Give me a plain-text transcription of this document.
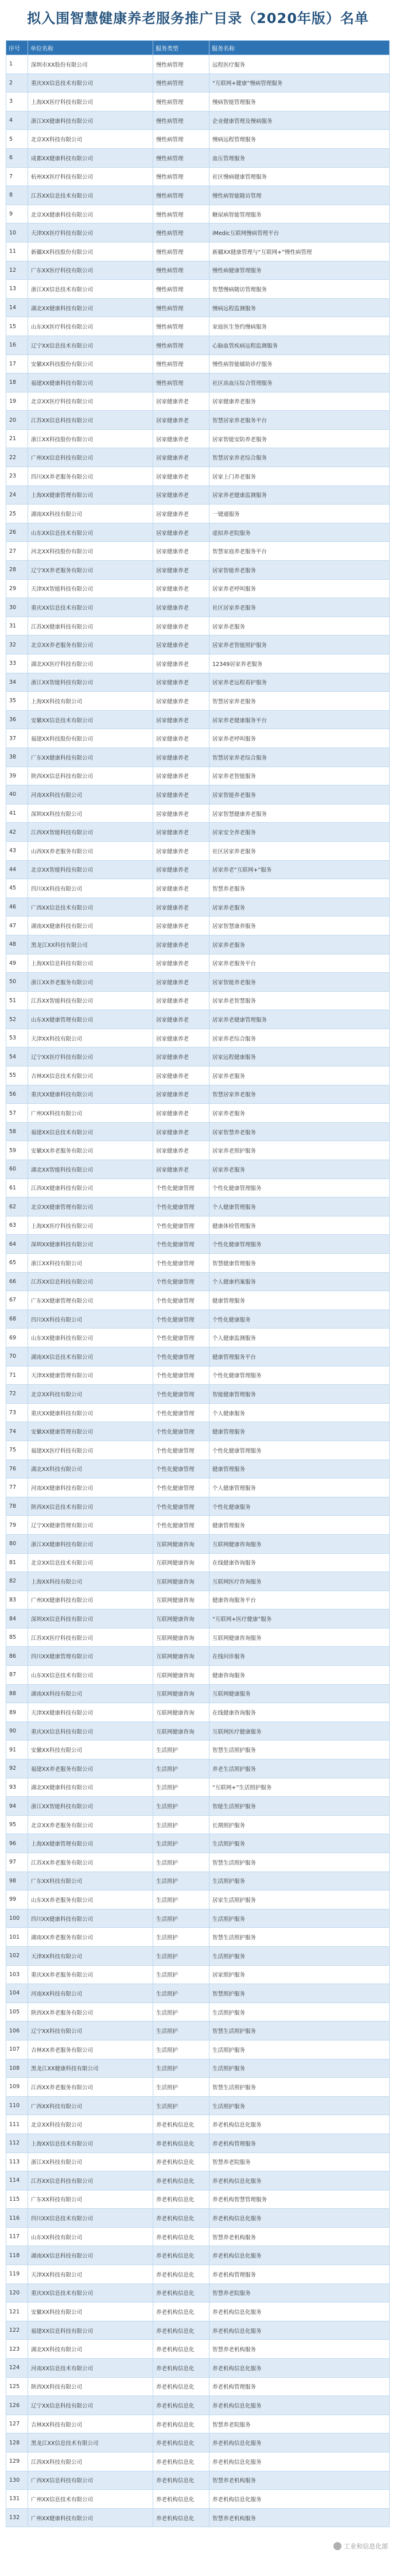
拟入围智慧健康养老服务推广目录（2020年版）名单
序号	单位名称	服务类型	服务名称
1	深圳市XX股份有限公司	慢性病管理	远程医疗服务
2	重庆XX信息技术有限公司	慢性病管理	“互联网+健康”慢病管理服务
3	上海XX医疗科技有限公司	慢性病管理	慢病智能管理服务
4	浙江XX健康科技有限公司	慢性病管理	企业健康管理及慢病服务
5	北京XX科技有限公司	慢性病管理	慢病远程管理服务
6	成都XX健康科技有限公司	慢性病管理	血压管理服务
7	杭州XX医疗科技有限公司	慢性病管理	社区慢病健康管理服务
8	江苏XX信息技术有限公司	慢性病管理	慢性病智能随访管理
9	北京XX健康科技有限公司	慢性病管理	糖尿病智能管理服务
10	天津XX医疗科技有限公司	慢性病管理	iMedic互联网慢病管理平台
11	新疆XX科技股份有限公司	慢性病管理	新疆XX健康管理与“互联网+”慢性病管理
12	广东XX医疗科技有限公司	慢性病管理	慢性病健康管理服务
13	浙江XX信息技术有限公司	慢性病管理	智慧慢病随访管理服务
14	湖北XX健康科技有限公司	慢性病管理	慢病远程监测服务
15	山东XX医疗科技有限公司	慢性病管理	家庭医生签约慢病服务
16	辽宁XX信息技术有限公司	慢性病管理	心脑血管疾病远程监测服务
17	安徽XX科技股份有限公司	慢性病管理	慢性病智能辅助诊疗服务
18	福建XX健康科技有限公司	慢性病管理	社区高血压综合管理服务
19	北京XX医疗科技有限公司	居家健康养老	居家健康养老服务
20	江苏XX信息科技有限公司	居家健康养老	智慧居家养老服务平台
21	浙江XX科技股份有限公司	居家健康养老	居家智能安防养老服务
22	广州XX信息科技有限公司	居家健康养老	智慧居家养老综合服务
23	四川XX养老服务有限公司	居家健康养老	居家上门养老服务
24	上海XX健康管理有限公司	居家健康养老	居家养老健康监测服务
25	湖南XX科技有限公司	居家健康养老	一键通服务
26	山东XX信息技术有限公司	居家健康养老	虚拟养老院服务
27	河北XX科技股份有限公司	居家健康养老	智慧家庭养老服务平台
28	辽宁XX养老服务有限公司	居家健康养老	居家智能养老服务
29	天津XX智能科技有限公司	居家健康养老	居家养老呼叫服务
30	重庆XX信息技术有限公司	居家健康养老	社区居家养老服务
31	江苏XX健康科技有限公司	居家健康养老	居家养老服务
32	北京XX养老服务有限公司	居家健康养老	居家养老智能照护服务
33	湖北XX医疗科技有限公司	居家健康养老	12349居家养老服务
34	浙江XX智能科技有限公司	居家健康养老	居家养老远程看护服务
35	上海XX科技有限公司	居家健康养老	智慧居家养老服务
36	安徽XX信息技术有限公司	居家健康养老	居家养老健康服务平台
37	福建XX科技股份有限公司	居家健康养老	居家养老呼叫服务
38	广东XX健康科技有限公司	居家健康养老	智慧居家养老综合服务
39	陕西XX信息科技有限公司	居家健康养老	居家养老智能服务
40	河南XX科技有限公司	居家健康养老	居家智能养老服务
41	深圳XX科技有限公司	居家健康养老	居家智慧健康养老服务
42	江西XX智能科技有限公司	居家健康养老	居家安全养老服务
43	山西XX养老服务有限公司	居家健康养老	社区居家养老服务
44	北京XX智能科技有限公司	居家健康养老	居家养老“互联网+”服务
45	四川XX科技有限公司	居家健康养老	智慧养老服务
46	广西XX信息技术有限公司	居家健康养老	居家养老服务
47	湖南XX健康科技有限公司	居家健康养老	居家智慧康养服务
48	黑龙江XX科技有限公司	居家健康养老	居家养老服务
49	上海XX信息科技有限公司	居家健康养老	居家养老服务平台
50	浙江XX养老服务有限公司	居家健康养老	居家智能养老服务
51	江苏XX智能科技有限公司	居家健康养老	居家养老智慧服务
52	山东XX健康管理有限公司	居家健康养老	居家养老健康管理服务
53	天津XX科技有限公司	居家健康养老	居家养老综合服务
54	辽宁XX医疗科技有限公司	居家健康养老	居家远程健康服务
55	吉林XX信息技术有限公司	居家健康养老	居家养老服务
56	重庆XX健康科技有限公司	居家健康养老	智慧居家养老服务
57	广州XX科技有限公司	居家健康养老	居家养老服务
58	福建XX信息技术有限公司	居家健康养老	居家智慧养老服务
59	安徽XX养老服务有限公司	居家健康养老	居家养老照护服务
60	湖北XX智能科技有限公司	居家健康养老	居家养老服务
61	江西XX健康科技有限公司	个性化健康管理	个性化健康管理服务
62	北京XX健康管理有限公司	个性化健康管理	个人健康管理服务
63	上海XX医疗科技有限公司	个性化健康管理	健康体检管理服务
64	深圳XX健康科技有限公司	个性化健康管理	个性化健康管理服务
65	浙江XX科技有限公司	个性化健康管理	智慧健康管理服务
66	江苏XX信息科技有限公司	个性化健康管理	个人健康档案服务
67	广东XX健康管理有限公司	个性化健康管理	健康管理服务
68	四川XX科技有限公司	个性化健康管理	个性化健康服务
69	山东XX健康科技有限公司	个性化健康管理	个人健康监测服务
70	湖南XX信息技术有限公司	个性化健康管理	健康管理服务平台
71	天津XX健康管理有限公司	个性化健康管理	个性化健康管理服务
72	北京XX科技有限公司	个性化健康管理	智能健康管理服务
73	重庆XX健康科技有限公司	个性化健康管理	个人健康服务
74	安徽XX健康管理有限公司	个性化健康管理	健康管理服务
75	福建XX医疗科技有限公司	个性化健康管理	个性化健康管理服务
76	湖北XX科技有限公司	个性化健康管理	健康管理服务
77	河南XX健康科技有限公司	个性化健康管理	个人健康管理服务
78	陕西XX信息技术有限公司	个性化健康管理	个性化健康服务
79	辽宁XX健康管理有限公司	个性化健康管理	健康管理服务
80	浙江XX健康科技有限公司	互联网健康咨询	互联网健康咨询服务
81	北京XX信息技术有限公司	互联网健康咨询	在线健康咨询服务
82	上海XX科技有限公司	互联网健康咨询	互联网医疗咨询服务
83	广州XX健康科技有限公司	互联网健康咨询	健康咨询服务平台
84	深圳XX信息科技有限公司	互联网健康咨询	“互联网+医疗健康”服务
85	江苏XX医疗科技有限公司	互联网健康咨询	互联网健康咨询服务
86	四川XX健康管理有限公司	互联网健康咨询	在线问诊服务
87	山东XX信息技术有限公司	互联网健康咨询	健康咨询服务
88	湖南XX科技有限公司	互联网健康咨询	互联网健康服务
89	天津XX健康科技有限公司	互联网健康咨询	在线健康咨询服务
90	重庆XX信息科技有限公司	互联网健康咨询	互联网医疗健康服务
91	安徽XX科技有限公司	生活照护	智慧生活照护服务
92	福建XX养老服务有限公司	生活照护	养老生活照护服务
93	湖北XX健康科技有限公司	生活照护	“互联网+”生活照护服务
94	浙江XX智能科技有限公司	生活照护	智能生活照护服务
95	北京XX养老服务有限公司	生活照护	长期照护服务
96	上海XX健康管理有限公司	生活照护	生活照护服务
97	江苏XX养老服务有限公司	生活照护	智慧生活照护服务
98	广东XX科技有限公司	生活照护	生活照护服务
99	山东XX养老服务有限公司	生活照护	居家生活照护服务
100	四川XX健康科技有限公司	生活照护	生活照护服务
101	湖南XX养老服务有限公司	生活照护	智慧生活照护服务
102	天津XX科技有限公司	生活照护	生活照护服务
103	重庆XX养老服务有限公司	生活照护	居家照护服务
104	河南XX科技有限公司	生活照护	智慧照护服务
105	陕西XX养老服务有限公司	生活照护	生活照护服务
106	辽宁XX科技有限公司	生活照护	智慧生活照护服务
107	吉林XX养老服务有限公司	生活照护	生活照护服务
108	黑龙江XX健康科技有限公司	生活照护	生活照护服务
109	江西XX养老服务有限公司	生活照护	智慧生活照护服务
110	广西XX科技有限公司	生活照护	生活照护服务
111	北京XX科技有限公司	养老机构信息化	养老机构信息化服务
112	上海XX信息技术有限公司	养老机构信息化	养老机构管理服务
113	浙江XX科技有限公司	养老机构信息化	智慧养老院服务
114	江苏XX信息科技有限公司	养老机构信息化	养老机构信息化服务
115	广东XX科技有限公司	养老机构信息化	养老机构智慧管理服务
116	四川XX信息技术有限公司	养老机构信息化	养老机构信息化服务
117	山东XX科技有限公司	养老机构信息化	智慧养老机构服务
118	湖南XX信息科技有限公司	养老机构信息化	养老机构信息化服务
119	天津XX科技有限公司	养老机构信息化	养老机构管理服务
120	重庆XX信息技术有限公司	养老机构信息化	智慧养老院服务
121	安徽XX科技有限公司	养老机构信息化	养老机构信息化服务
122	福建XX信息科技有限公司	养老机构信息化	养老机构信息化服务
123	湖北XX科技有限公司	养老机构信息化	智慧养老机构服务
124	河南XX信息技术有限公司	养老机构信息化	养老机构信息化服务
125	陕西XX科技有限公司	养老机构信息化	养老机构管理服务
126	辽宁XX信息科技有限公司	养老机构信息化	养老机构信息化服务
127	吉林XX科技有限公司	养老机构信息化	智慧养老院服务
128	黑龙江XX信息技术有限公司	养老机构信息化	养老机构信息化服务
129	江西XX科技有限公司	养老机构信息化	养老机构信息化服务
130	广西XX信息科技有限公司	养老机构信息化	智慧养老机构服务
131	广州XX信息技术有限公司	养老机构信息化	养老机构信息化服务
132	广州XX健康科技有限公司	养老机构信息化	智慧养老机构服务
工业和信息化部
